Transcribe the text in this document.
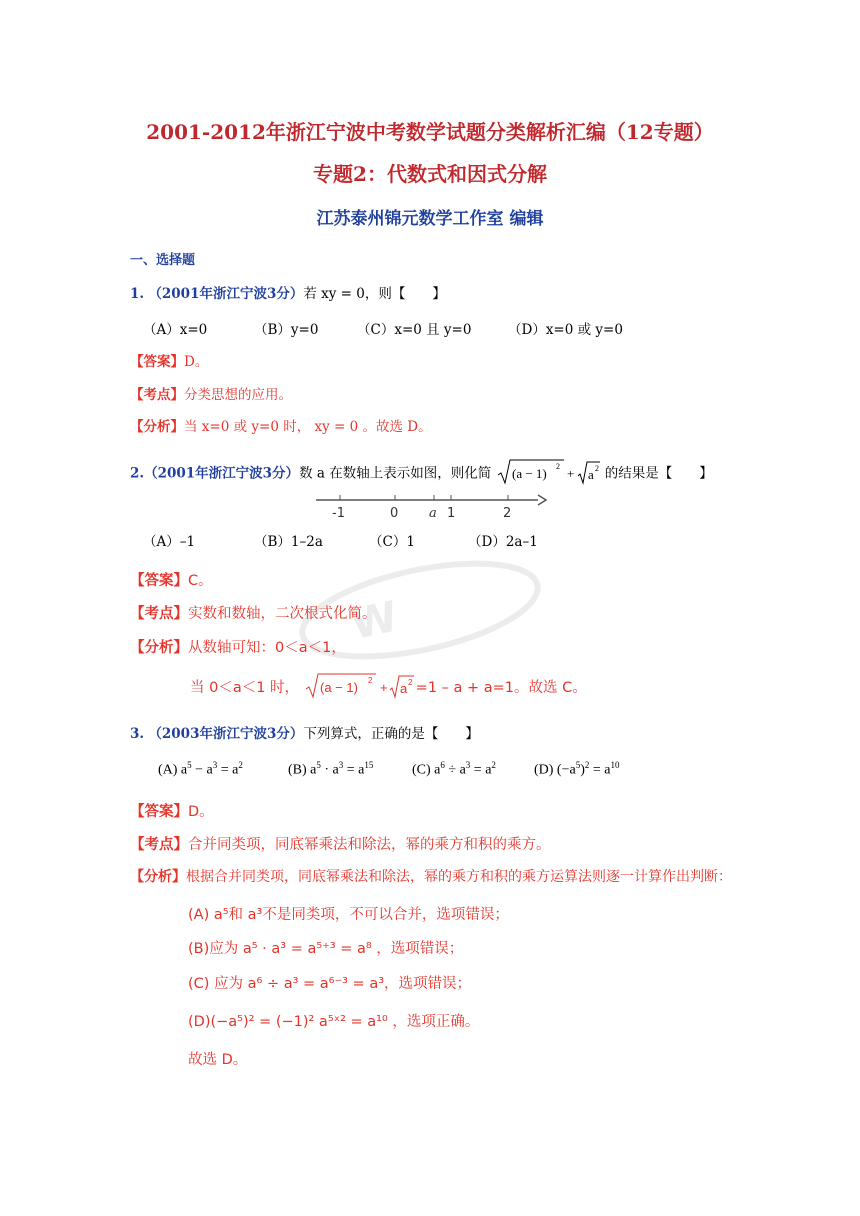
2001-2012年浙江宁波中考数学试题分类解析汇编（12专题）
专题2：代数式和因式分解
江苏泰州锦元数学工作室 编辑
一、选择题
1. （2001年浙江宁波3分）若 xy = 0，则【　　】
（A）x=0	（B）y=0	（C）x=0 且 y=0	（D）x=0 或 y=0
【答案】D。
【考点】分类思想的应用。
【分析】当 x=0 或 y=0 时， xy = 0 。故选 D。
2.（2001年浙江宁波3分）数 a 在数轴上表示如图，则化简 (a − 1) 2 + a 2 的结果是【　　】
-1	0 a 1	2
（A）–1	（B）1–2a	（C）1	（D）2a–1
W
【答案】C。
【考点】实数和数轴，二次根式化简。
【分析】从数轴可知：0＜a＜1，
当 0＜a＜1 时， (a − 1) 2 + a 2 =1 – a + a=1。故选 C。
3. （2003年浙江宁波3分）下列算式，正确的是【　　】
(A) $a^5 - a^3 = a^2$	(B) $a^5 \cdot a^3 = a^{15}$	(C) $a^6 \div a^3 = a^2$	(D) $(-a^5)^2 = a^{10}$
【答案】D。
【考点】合并同类项，同底幂乘法和除法，幂的乘方和积的乘方。
【分析】根据合并同类项，同底幂乘法和除法，幂的乘方和积的乘方运算法则逐一计算作出判断：
(A) a⁵和 a³不是同类项，不可以合并，选项错误；
(B)应为 a⁵ · a³ = a⁵⁺³ = a⁸ ，选项错误；
(C) 应为 a⁶ ÷ a³ = a⁶⁻³ = a³，选项错误；
(D)(−a⁵)² = (−1)² a⁵ˣ² = a¹⁰ ，选项正确。
故选 D。
